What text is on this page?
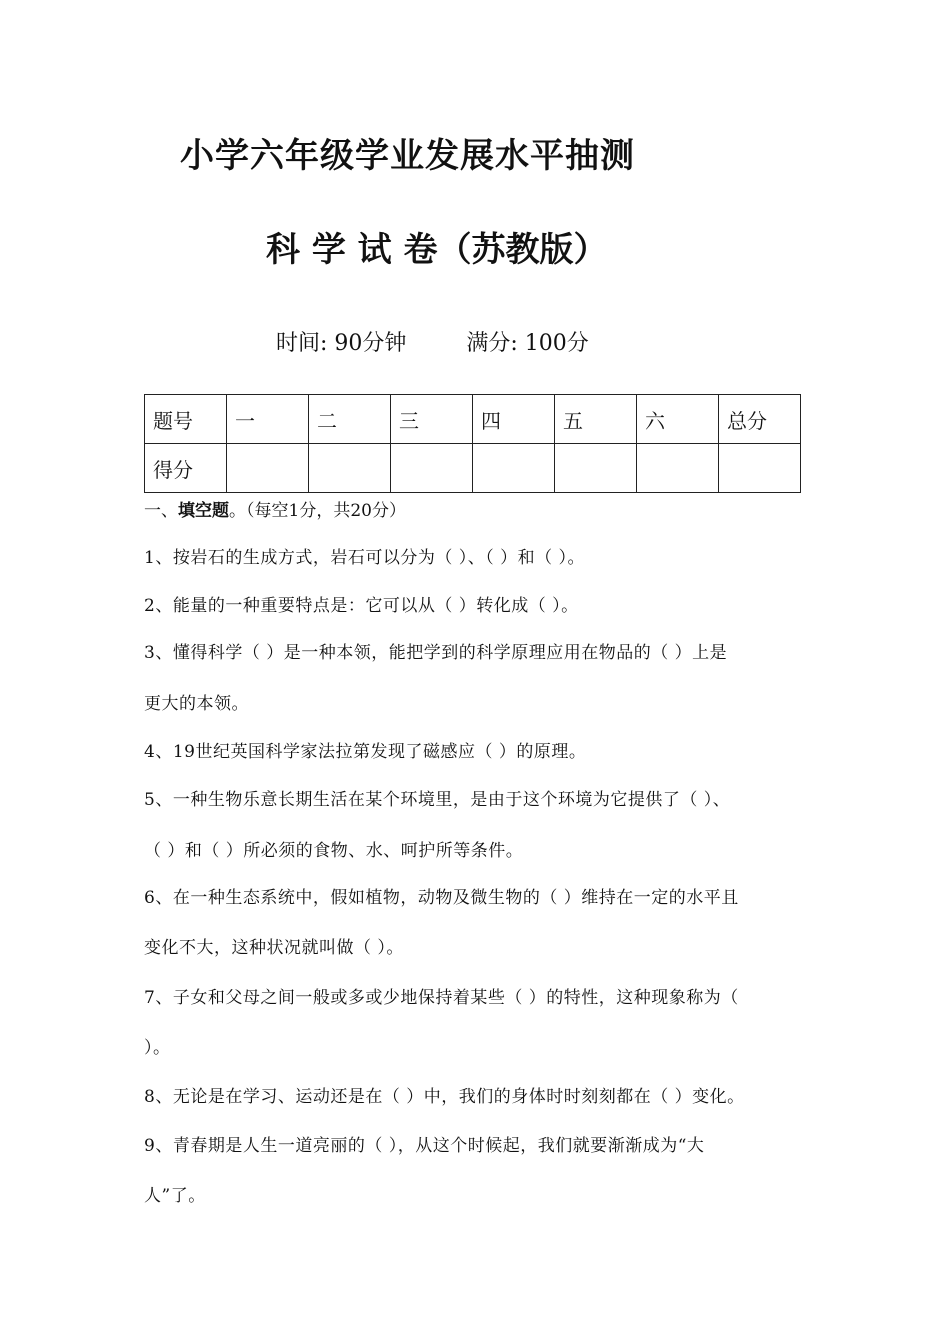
小学六年级学业发展水平抽测
科 学 试 卷（苏教版）
时间: 90分钟	满分: 100分
题号	一	二	三	四	五	六	总分
得分							
一、填空题。（每空1分，共20分）
1、按岩石的生成方式，岩石可以分为（ ）、（ ）和（ ）。
2、能量的一种重要特点是：它可以从（ ）转化成（ ）。
3、懂得科学（ ）是一种本领，能把学到的科学原理应用在物品的（ ）上是
更大的本领。
4、19世纪英国科学家法拉第发现了磁感应（ ）的原理。
5、一种生物乐意长期生活在某个环境里，是由于这个环境为它提供了（ ）、
（ ）和（ ）所必须的食物、水、呵护所等条件。
6、在一种生态系统中，假如植物，动物及微生物的（ ）维持在一定的水平且
变化不大，这种状况就叫做（ ）。
7、子女和父母之间一般或多或少地保持着某些（ ）的特性，这种现象称为（
）。
8、无论是在学习、运动还是在（ ）中，我们的身体时时刻刻都在（ ）变化。
9、青春期是人生一道亮丽的（ ），从这个时候起，我们就要渐渐成为“大
人”了。
